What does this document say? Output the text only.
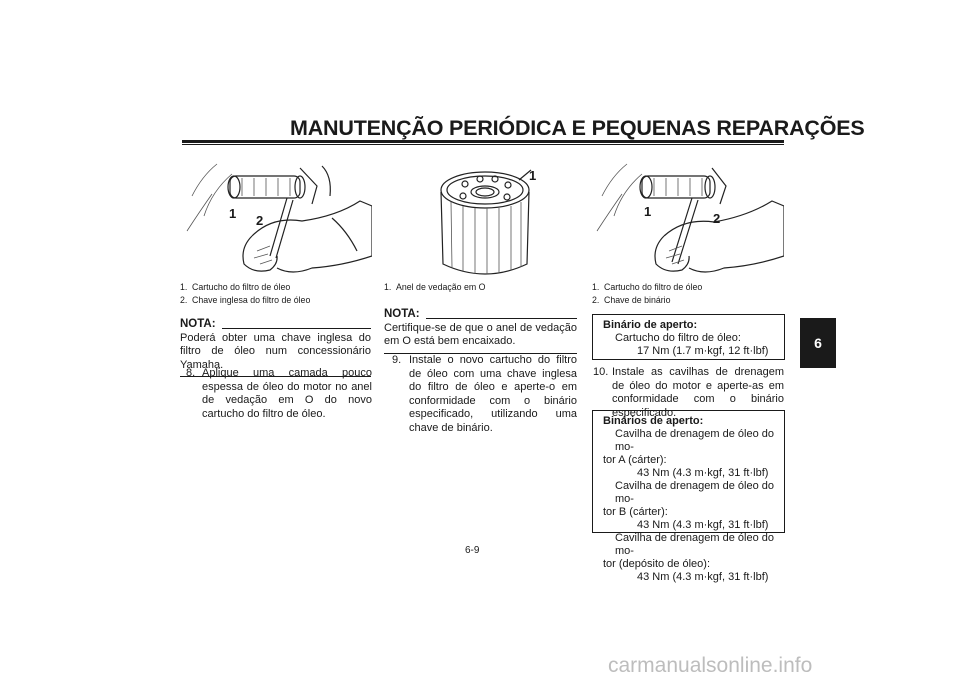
MANUTENÇÃO PERIÓDICA E PEQUENAS REPARAÇÕES
6
1 2
1. Cartucho do filtro de óleo
2. Chave inglesa do filtro de óleo
NOTA:
Poderá obter uma chave inglesa do filtro de óleo num concessionário Yamaha.
8. Aplique uma camada pouco espessa de óleo do motor no anel de vedação em O do novo cartucho do filtro de óleo.
1
1. Anel de vedação em O
NOTA:
Certifique-se de que o anel de vedação em O está bem encaixado.
9. Instale o novo cartucho do filtro de óleo com uma chave inglesa do filtro de óleo e aperte-o em conformidade com o binário especificado, utilizando uma chave de binário.
1	2
1. Cartucho do filtro de óleo
2. Chave de binário
Binário de aperto:
Cartucho do filtro de óleo:
17 Nm (1.7 m·kgf, 12 ft·lbf)
10. Instale as cavilhas de drenagem de óleo do motor e aperte-as em conformidade com o binário especificado.
Binários de aperto:
Cavilha de drenagem de óleo do mo-
tor A (cárter):
43 Nm (4.3 m·kgf, 31 ft·lbf)
Cavilha de drenagem de óleo do mo-
tor B (cárter):
43 Nm (4.3 m·kgf, 31 ft·lbf)
Cavilha de drenagem de óleo do mo-
tor (depósito de óleo):
43 Nm (4.3 m·kgf, 31 ft·lbf)
6-9
carmanualsonline.info
